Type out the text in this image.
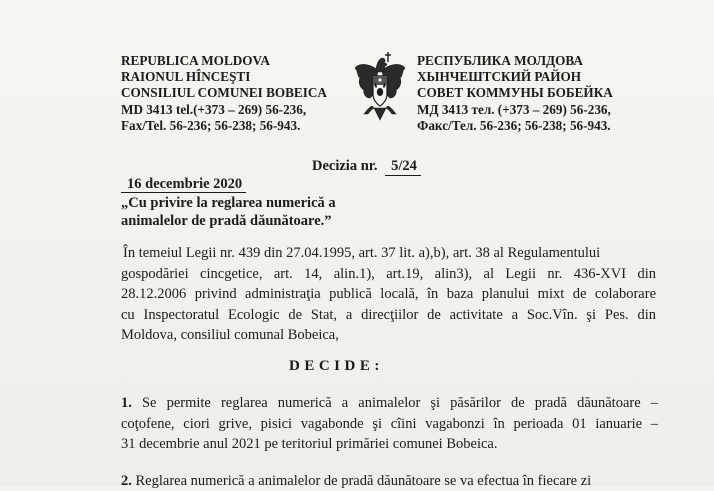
REPUBLICA MOLDOVA
RAIONUL HÎNCEŞTI
CONSILIUL COMUNEI BOBEICA
MD 3413 tel.(+373 – 269) 56-236,
Fax/Tel. 56-236; 56-238; 56-943.
РЕСПУБЛИКА МОЛДОВА
ХЫНЧЕШТСКИЙ РАЙОН
СОВЕТ КОММУНЫ БОБЕЙКА
МД 3413 тел. (+373 – 269) 56-236,
Факс/Тел. 56-236; 56-238; 56-943.
Decizia nr. 5/24
16 decembrie 2020
„Cu privire la reglarea numerică a
animalelor de pradă dăunătoare.”
În temeiul Legii nr. 439 din 27.04.1995, art. 37 lit. a),b), art. 38 al Regulamentului
gospodăriei cincgetice, art. 14, alin.1), art.19, alin3), al Legii nr. 436-XVI din
28.12.2006 privind administraţia publică locală, în baza planului mixt de colaborare
cu Inspectoratul Ecologic de Stat, a direcţiilor de activitate a Soc.Vîn. şi Pes. din
Moldova, consiliul comunal Bobeica,
DECIDE:
1. Se permite reglarea numerică a animalelor şi păsărilor de pradă dăunătoare –
coţofene, ciori grive, pisici vagabonde şi cîini vagabonzi în perioada 01 ianuarie –
31 decembrie anul 2021 pe teritoriul primăriei comunei Bobeica.
2. Reglarea numerică a animalelor de pradă dăunătoare se va efectua în fiecare zi
